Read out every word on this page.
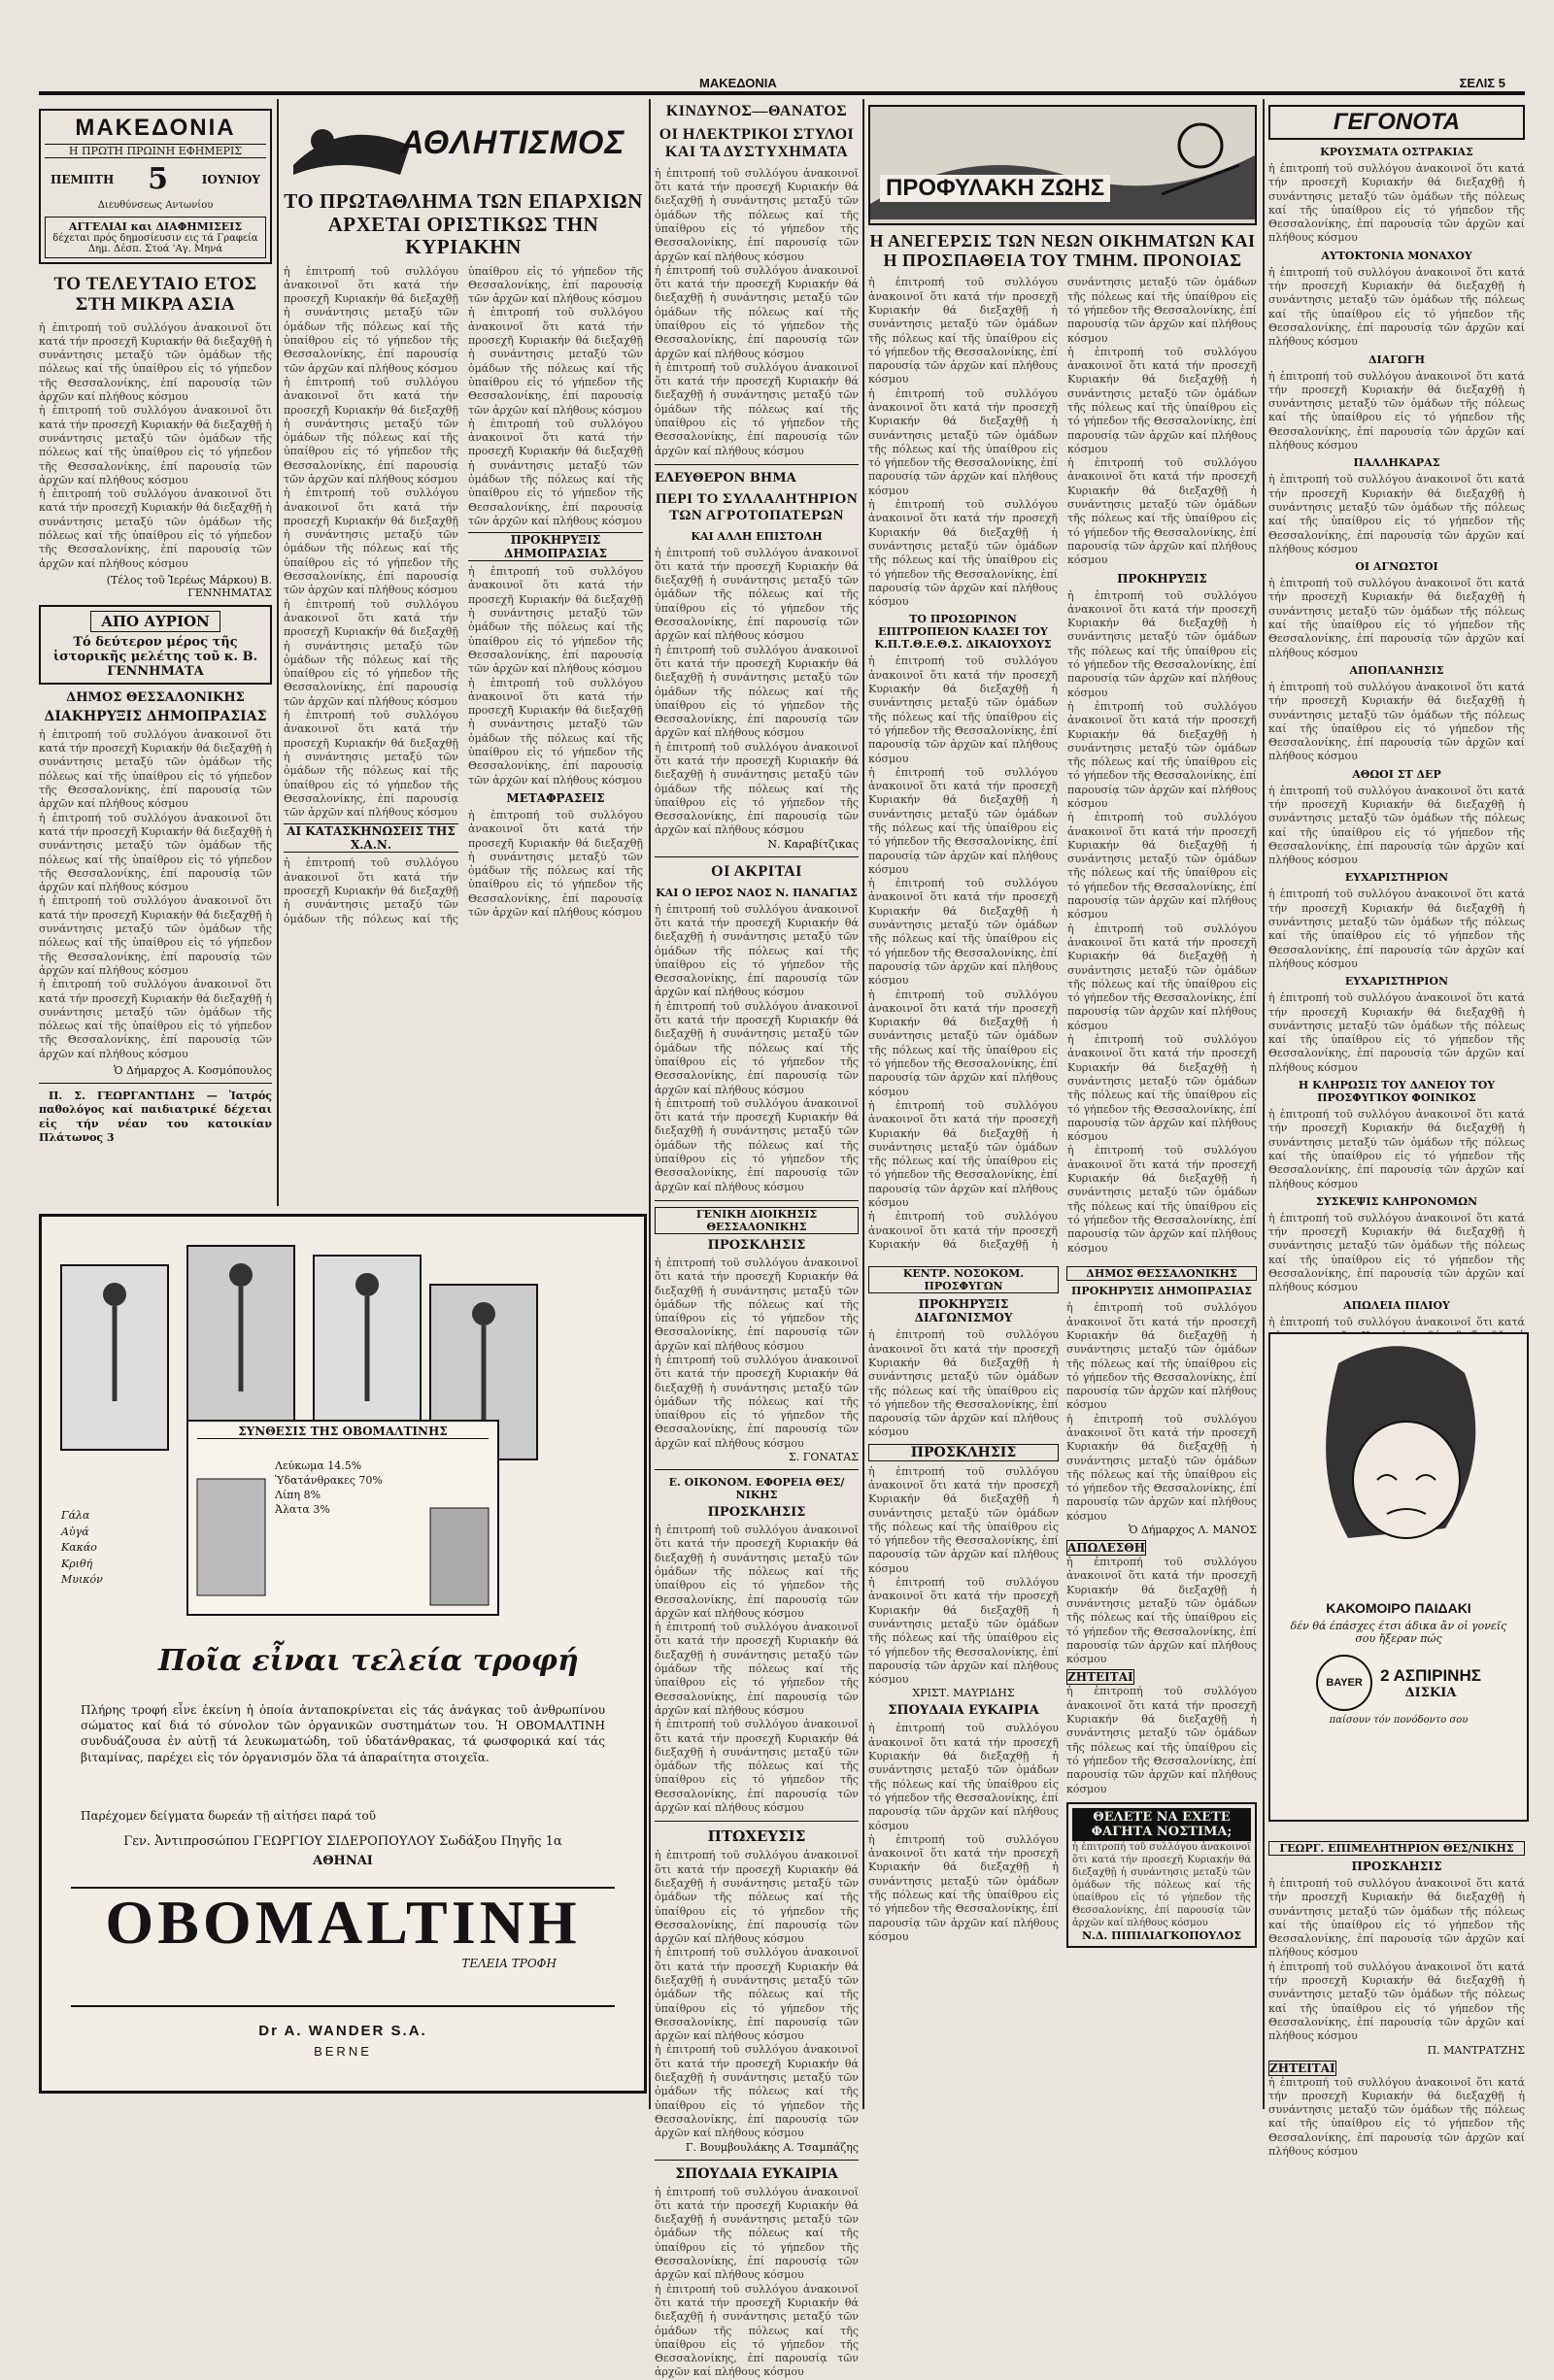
ΜΑΚΕΔΟΝΙΑ	ΣΕΛΙΣ 5
ΜΑΚΕΔΟΝΙΑ
Η ΠΡΩΤΗ ΠΡΩΙΝΗ ΕΦΗΜΕΡΙΣ
ΠΕΜΠΤΗ 5	ΙΟΥΝΙΟΥ
Διευθύνσεως Αντωνίου
ΑΓΓΕΛΙΑΙ και ΔΙΑΦΗΜΙΣΕΙΣ
δέχεται πρός δημοσίευσιν εις τά Γραφεία Δημ. Δέσπ. Στοά 'Αγ. Μηνά
ΤΟ ΤΕΛΕΥΤΑΙΟ ΕΤΟΣ ΣΤΗ ΜΙΚΡΑ ΑΣΙΑ

ἡ ἐπιτροπή τοῦ συλλόγου ἀνακοινοῖ ὅτι κατά τήν προσεχῆ Κυριακήν θά διεξαχθῇ ἡ συνάντησις μεταξύ τῶν ὁμάδων τῆς πόλεως καί τῆς ὑπαίθρου εἰς τό γήπεδον τῆς Θεσσαλονίκης, ἐπί παρουσίᾳ τῶν ἀρχῶν καί πλήθους κόσμου

ἡ ἐπιτροπή τοῦ συλλόγου ἀνακοινοῖ ὅτι κατά τήν προσεχῆ Κυριακήν θά διεξαχθῇ ἡ συνάντησις μεταξύ τῶν ὁμάδων τῆς πόλεως καί τῆς ὑπαίθρου εἰς τό γήπεδον τῆς Θεσσαλονίκης, ἐπί παρουσίᾳ τῶν ἀρχῶν καί πλήθους κόσμου

ἡ ἐπιτροπή τοῦ συλλόγου ἀνακοινοῖ ὅτι κατά τήν προσεχῆ Κυριακήν θά διεξαχθῇ ἡ συνάντησις μεταξύ τῶν ὁμάδων τῆς πόλεως καί τῆς ὑπαίθρου εἰς τό γήπεδον τῆς Θεσσαλονίκης, ἐπί παρουσίᾳ τῶν ἀρχῶν καί πλήθους κόσμου

(Τέλος τοῦ Ἱερέως Μάρκου) Β. ΓΕΝΝΗΜΑΤΑΣ
ΑΠΟ ΑΥΡΙΟΝ
Τό δεύτερον μέρος τῆς ἱστορικῆς μελέτης τοῦ κ. Β. ΓΕΝΝΗΜΑΤΑ
ΔΗΜΟΣ ΘΕΣΣΑΛΟΝΙΚΗΣ
ΔΙΑΚΗΡΥΞΙΣ ΔΗΜΟΠΡΑΣΙΑΣ

ἡ ἐπιτροπή τοῦ συλλόγου ἀνακοινοῖ ὅτι κατά τήν προσεχῆ Κυριακήν θά διεξαχθῇ ἡ συνάντησις μεταξύ τῶν ὁμάδων τῆς πόλεως καί τῆς ὑπαίθρου εἰς τό γήπεδον τῆς Θεσσαλονίκης, ἐπί παρουσίᾳ τῶν ἀρχῶν καί πλήθους κόσμου

ἡ ἐπιτροπή τοῦ συλλόγου ἀνακοινοῖ ὅτι κατά τήν προσεχῆ Κυριακήν θά διεξαχθῇ ἡ συνάντησις μεταξύ τῶν ὁμάδων τῆς πόλεως καί τῆς ὑπαίθρου εἰς τό γήπεδον τῆς Θεσσαλονίκης, ἐπί παρουσίᾳ τῶν ἀρχῶν καί πλήθους κόσμου

ἡ ἐπιτροπή τοῦ συλλόγου ἀνακοινοῖ ὅτι κατά τήν προσεχῆ Κυριακήν θά διεξαχθῇ ἡ συνάντησις μεταξύ τῶν ὁμάδων τῆς πόλεως καί τῆς ὑπαίθρου εἰς τό γήπεδον τῆς Θεσσαλονίκης, ἐπί παρουσίᾳ τῶν ἀρχῶν καί πλήθους κόσμου

ἡ ἐπιτροπή τοῦ συλλόγου ἀνακοινοῖ ὅτι κατά τήν προσεχῆ Κυριακήν θά διεξαχθῇ ἡ συνάντησις μεταξύ τῶν ὁμάδων τῆς πόλεως καί τῆς ὑπαίθρου εἰς τό γήπεδον τῆς Θεσσαλονίκης, ἐπί παρουσίᾳ τῶν ἀρχῶν καί πλήθους κόσμου

Ὁ Δήμαρχος Α. Κοσμόπουλος
Π. Σ. ΓΕΩΡΓΑΝΤΙΔΗΣ — Ἰατρός παθολόγος καί παιδιατρικέ δέχεται εἰς τήν νέαν του κατοικίαν Πλάτωνος 3
ΑΘΛΗΤΙΣΜΟΣ
ΤΟ ΠΡΩΤΑΘΛΗΜΑ ΤΩΝ ΕΠΑΡΧΙΩΝ ΑΡΧΕΤΑΙ ΟΡΙΣΤΙΚΩΣ ΤΗΝ ΚΥΡΙΑΚΗΝ

ἡ ἐπιτροπή τοῦ συλλόγου ἀνακοινοῖ ὅτι κατά τήν προσεχῆ Κυριακήν θά διεξαχθῇ ἡ συνάντησις μεταξύ τῶν ὁμάδων τῆς πόλεως καί τῆς ὑπαίθρου εἰς τό γήπεδον τῆς Θεσσαλονίκης, ἐπί παρουσίᾳ τῶν ἀρχῶν καί πλήθους κόσμου

ἡ ἐπιτροπή τοῦ συλλόγου ἀνακοινοῖ ὅτι κατά τήν προσεχῆ Κυριακήν θά διεξαχθῇ ἡ συνάντησις μεταξύ τῶν ὁμάδων τῆς πόλεως καί τῆς ὑπαίθρου εἰς τό γήπεδον τῆς Θεσσαλονίκης, ἐπί παρουσίᾳ τῶν ἀρχῶν καί πλήθους κόσμου

ἡ ἐπιτροπή τοῦ συλλόγου ἀνακοινοῖ ὅτι κατά τήν προσεχῆ Κυριακήν θά διεξαχθῇ ἡ συνάντησις μεταξύ τῶν ὁμάδων τῆς πόλεως καί τῆς ὑπαίθρου εἰς τό γήπεδον τῆς Θεσσαλονίκης, ἐπί παρουσίᾳ τῶν ἀρχῶν καί πλήθους κόσμου

ἡ ἐπιτροπή τοῦ συλλόγου ἀνακοινοῖ ὅτι κατά τήν προσεχῆ Κυριακήν θά διεξαχθῇ ἡ συνάντησις μεταξύ τῶν ὁμάδων τῆς πόλεως καί τῆς ὑπαίθρου εἰς τό γήπεδον τῆς Θεσσαλονίκης, ἐπί παρουσίᾳ τῶν ἀρχῶν καί πλήθους κόσμου

ἡ ἐπιτροπή τοῦ συλλόγου ἀνακοινοῖ ὅτι κατά τήν προσεχῆ Κυριακήν θά διεξαχθῇ ἡ συνάντησις μεταξύ τῶν ὁμάδων τῆς πόλεως καί τῆς ὑπαίθρου εἰς τό γήπεδον τῆς Θεσσαλονίκης, ἐπί παρουσίᾳ τῶν ἀρχῶν καί πλήθους κόσμου

ΑΙ ΚΑΤΑΣΚΗΝΩΣΕΙΣ ΤΗΣ Χ.Α.Ν.

ἡ ἐπιτροπή τοῦ συλλόγου ἀνακοινοῖ ὅτι κατά τήν προσεχῆ Κυριακήν θά διεξαχθῇ ἡ συνάντησις μεταξύ τῶν ὁμάδων τῆς πόλεως καί τῆς ὑπαίθρου εἰς τό γήπεδον τῆς Θεσσαλονίκης, ἐπί παρουσίᾳ τῶν ἀρχῶν καί πλήθους κόσμου

ἡ ἐπιτροπή τοῦ συλλόγου ἀνακοινοῖ ὅτι κατά τήν προσεχῆ Κυριακήν θά διεξαχθῇ ἡ συνάντησις μεταξύ τῶν ὁμάδων τῆς πόλεως καί τῆς ὑπαίθρου εἰς τό γήπεδον τῆς Θεσσαλονίκης, ἐπί παρουσίᾳ τῶν ἀρχῶν καί πλήθους κόσμου

ἡ ἐπιτροπή τοῦ συλλόγου ἀνακοινοῖ ὅτι κατά τήν προσεχῆ Κυριακήν θά διεξαχθῇ ἡ συνάντησις μεταξύ τῶν ὁμάδων τῆς πόλεως καί τῆς ὑπαίθρου εἰς τό γήπεδον τῆς Θεσσαλονίκης, ἐπί παρουσίᾳ τῶν ἀρχῶν καί πλήθους κόσμου

ΠΡΟΚΗΡΥΞΙΣ ΔΗΜΟΠΡΑΣΙΑΣ

ἡ ἐπιτροπή τοῦ συλλόγου ἀνακοινοῖ ὅτι κατά τήν προσεχῆ Κυριακήν θά διεξαχθῇ ἡ συνάντησις μεταξύ τῶν ὁμάδων τῆς πόλεως καί τῆς ὑπαίθρου εἰς τό γήπεδον τῆς Θεσσαλονίκης, ἐπί παρουσίᾳ τῶν ἀρχῶν καί πλήθους κόσμου

ἡ ἐπιτροπή τοῦ συλλόγου ἀνακοινοῖ ὅτι κατά τήν προσεχῆ Κυριακήν θά διεξαχθῇ ἡ συνάντησις μεταξύ τῶν ὁμάδων τῆς πόλεως καί τῆς ὑπαίθρου εἰς τό γήπεδον τῆς Θεσσαλονίκης, ἐπί παρουσίᾳ τῶν ἀρχῶν καί πλήθους κόσμου

ΜΕΤΑΦΡΑΣΕΙΣ

ἡ ἐπιτροπή τοῦ συλλόγου ἀνακοινοῖ ὅτι κατά τήν προσεχῆ Κυριακήν θά διεξαχθῇ ἡ συνάντησις μεταξύ τῶν ὁμάδων τῆς πόλεως καί τῆς ὑπαίθρου εἰς τό γήπεδον τῆς Θεσσαλονίκης, ἐπί παρουσίᾳ τῶν ἀρχῶν καί πλήθους κόσμου

ΣΥΝΘΕΣΙΣ ΤΗΣ ΟΒΟΜΑΛΤΙΝΗΣ
Λεύκωμα 14.5%
Ὑδατάνθρακες 70%
Λίπη 8%
Ἀλατα 3%
Γάλα
Αὐγά
Κακάο
Κριθή
Μυικόν
Ποῖα εἶναι τελεία τροφή
Πλήρης τροφή εἶνε ἐκείνη ἡ ὁποία ἀνταποκρίνεται εἰς τάς ἀνάγκας τοῦ ἀνθρωπίνου σώματος καί διά τό σύνολον τῶν ὀργανικῶν συστημάτων του. Ἡ ΟΒΟΜΑΛΤΙΝΗ συνδυάζουσα ἐν αὐτῇ τά λευκωματώδη, τοῦ ὑδατάνθρακας, τά φωσφορικά καί τάς βιταμίνας, παρέχει εἰς τόν ὀργανισμόν ὅλα τά ἀπαραίτητα στοιχεῖα.
Παρέχομεν δείγματα δωρεάν τῇ αἰτήσει παρά τοῦ
Γεν. Ἀντιπροσώπου ΓΕΩΡΓΙΟΥ ΣΙΔΕΡΟΠΟΥΛΟΥ Σωδάξου Πηγῆς 1α
ΑΘΗΝΑΙ
OBOMALTINH
ΤΕΛΕΙΑ ΤΡΟΦΗ
Dr A. WANDER S.A.
BERNE
ΚΙΝΔΥΝΟΣ—ΘΑΝΑΤΟΣ
ΟΙ ΗΛΕΚΤΡΙΚΟΙ ΣΤΥΛΟΙ ΚΑΙ ΤΑ ΔΥΣΤΥΧΗΜΑΤΑ

ἡ ἐπιτροπή τοῦ συλλόγου ἀνακοινοῖ ὅτι κατά τήν προσεχῆ Κυριακήν θά διεξαχθῇ ἡ συνάντησις μεταξύ τῶν ὁμάδων τῆς πόλεως καί τῆς ὑπαίθρου εἰς τό γήπεδον τῆς Θεσσαλονίκης, ἐπί παρουσίᾳ τῶν ἀρχῶν καί πλήθους κόσμου

ἡ ἐπιτροπή τοῦ συλλόγου ἀνακοινοῖ ὅτι κατά τήν προσεχῆ Κυριακήν θά διεξαχθῇ ἡ συνάντησις μεταξύ τῶν ὁμάδων τῆς πόλεως καί τῆς ὑπαίθρου εἰς τό γήπεδον τῆς Θεσσαλονίκης, ἐπί παρουσίᾳ τῶν ἀρχῶν καί πλήθους κόσμου

ἡ ἐπιτροπή τοῦ συλλόγου ἀνακοινοῖ ὅτι κατά τήν προσεχῆ Κυριακήν θά διεξαχθῇ ἡ συνάντησις μεταξύ τῶν ὁμάδων τῆς πόλεως καί τῆς ὑπαίθρου εἰς τό γήπεδον τῆς Θεσσαλονίκης, ἐπί παρουσίᾳ τῶν ἀρχῶν καί πλήθους κόσμου

ΕΛΕΥΘΕΡΟΝ ΒΗΜΑ
ΠΕΡΙ ΤΟ ΣΥΛΛΑΛΗΤΗΡΙΟΝ ΤΩΝ ΑΓΡΟΤΟΠΑΤΕΡΩΝ
ΚΑΙ ΑΛΛΗ ΕΠΙΣΤΟΛΗ

ἡ ἐπιτροπή τοῦ συλλόγου ἀνακοινοῖ ὅτι κατά τήν προσεχῆ Κυριακήν θά διεξαχθῇ ἡ συνάντησις μεταξύ τῶν ὁμάδων τῆς πόλεως καί τῆς ὑπαίθρου εἰς τό γήπεδον τῆς Θεσσαλονίκης, ἐπί παρουσίᾳ τῶν ἀρχῶν καί πλήθους κόσμου

ἡ ἐπιτροπή τοῦ συλλόγου ἀνακοινοῖ ὅτι κατά τήν προσεχῆ Κυριακήν θά διεξαχθῇ ἡ συνάντησις μεταξύ τῶν ὁμάδων τῆς πόλεως καί τῆς ὑπαίθρου εἰς τό γήπεδον τῆς Θεσσαλονίκης, ἐπί παρουσίᾳ τῶν ἀρχῶν καί πλήθους κόσμου

ἡ ἐπιτροπή τοῦ συλλόγου ἀνακοινοῖ ὅτι κατά τήν προσεχῆ Κυριακήν θά διεξαχθῇ ἡ συνάντησις μεταξύ τῶν ὁμάδων τῆς πόλεως καί τῆς ὑπαίθρου εἰς τό γήπεδον τῆς Θεσσαλονίκης, ἐπί παρουσίᾳ τῶν ἀρχῶν καί πλήθους κόσμου

Ν. Καραβίτζικας
ΟΙ ΑΚΡΙΤΑΙ
ΚΑΙ Ο ΙΕΡΟΣ ΝΑΟΣ Ν. ΠΑΝΑΓΙΑΣ

ἡ ἐπιτροπή τοῦ συλλόγου ἀνακοινοῖ ὅτι κατά τήν προσεχῆ Κυριακήν θά διεξαχθῇ ἡ συνάντησις μεταξύ τῶν ὁμάδων τῆς πόλεως καί τῆς ὑπαίθρου εἰς τό γήπεδον τῆς Θεσσαλονίκης, ἐπί παρουσίᾳ τῶν ἀρχῶν καί πλήθους κόσμου

ἡ ἐπιτροπή τοῦ συλλόγου ἀνακοινοῖ ὅτι κατά τήν προσεχῆ Κυριακήν θά διεξαχθῇ ἡ συνάντησις μεταξύ τῶν ὁμάδων τῆς πόλεως καί τῆς ὑπαίθρου εἰς τό γήπεδον τῆς Θεσσαλονίκης, ἐπί παρουσίᾳ τῶν ἀρχῶν καί πλήθους κόσμου

ἡ ἐπιτροπή τοῦ συλλόγου ἀνακοινοῖ ὅτι κατά τήν προσεχῆ Κυριακήν θά διεξαχθῇ ἡ συνάντησις μεταξύ τῶν ὁμάδων τῆς πόλεως καί τῆς ὑπαίθρου εἰς τό γήπεδον τῆς Θεσσαλονίκης, ἐπί παρουσίᾳ τῶν ἀρχῶν καί πλήθους κόσμου

ΓΕΝΙΚΗ ΔΙΟΙΚΗΣΙΣ ΘΕΣΣΑΛΟΝΙΚΗΣ
ΠΡΟΣΚΛΗΣΙΣ

ἡ ἐπιτροπή τοῦ συλλόγου ἀνακοινοῖ ὅτι κατά τήν προσεχῆ Κυριακήν θά διεξαχθῇ ἡ συνάντησις μεταξύ τῶν ὁμάδων τῆς πόλεως καί τῆς ὑπαίθρου εἰς τό γήπεδον τῆς Θεσσαλονίκης, ἐπί παρουσίᾳ τῶν ἀρχῶν καί πλήθους κόσμου

ἡ ἐπιτροπή τοῦ συλλόγου ἀνακοινοῖ ὅτι κατά τήν προσεχῆ Κυριακήν θά διεξαχθῇ ἡ συνάντησις μεταξύ τῶν ὁμάδων τῆς πόλεως καί τῆς ὑπαίθρου εἰς τό γήπεδον τῆς Θεσσαλονίκης, ἐπί παρουσίᾳ τῶν ἀρχῶν καί πλήθους κόσμου

Σ. ΓΟΝΑΤΑΣ
Ε. ΟΙΚΟΝΟΜ. ΕΦΟΡΕΙΑ ΘΕΣ/ΝΙΚΗΣ
ΠΡΟΣΚΛΗΣΙΣ

ἡ ἐπιτροπή τοῦ συλλόγου ἀνακοινοῖ ὅτι κατά τήν προσεχῆ Κυριακήν θά διεξαχθῇ ἡ συνάντησις μεταξύ τῶν ὁμάδων τῆς πόλεως καί τῆς ὑπαίθρου εἰς τό γήπεδον τῆς Θεσσαλονίκης, ἐπί παρουσίᾳ τῶν ἀρχῶν καί πλήθους κόσμου

ἡ ἐπιτροπή τοῦ συλλόγου ἀνακοινοῖ ὅτι κατά τήν προσεχῆ Κυριακήν θά διεξαχθῇ ἡ συνάντησις μεταξύ τῶν ὁμάδων τῆς πόλεως καί τῆς ὑπαίθρου εἰς τό γήπεδον τῆς Θεσσαλονίκης, ἐπί παρουσίᾳ τῶν ἀρχῶν καί πλήθους κόσμου

ἡ ἐπιτροπή τοῦ συλλόγου ἀνακοινοῖ ὅτι κατά τήν προσεχῆ Κυριακήν θά διεξαχθῇ ἡ συνάντησις μεταξύ τῶν ὁμάδων τῆς πόλεως καί τῆς ὑπαίθρου εἰς τό γήπεδον τῆς Θεσσαλονίκης, ἐπί παρουσίᾳ τῶν ἀρχῶν καί πλήθους κόσμου

ΠΤΩΧΕΥΣΙΣ

ἡ ἐπιτροπή τοῦ συλλόγου ἀνακοινοῖ ὅτι κατά τήν προσεχῆ Κυριακήν θά διεξαχθῇ ἡ συνάντησις μεταξύ τῶν ὁμάδων τῆς πόλεως καί τῆς ὑπαίθρου εἰς τό γήπεδον τῆς Θεσσαλονίκης, ἐπί παρουσίᾳ τῶν ἀρχῶν καί πλήθους κόσμου

ἡ ἐπιτροπή τοῦ συλλόγου ἀνακοινοῖ ὅτι κατά τήν προσεχῆ Κυριακήν θά διεξαχθῇ ἡ συνάντησις μεταξύ τῶν ὁμάδων τῆς πόλεως καί τῆς ὑπαίθρου εἰς τό γήπεδον τῆς Θεσσαλονίκης, ἐπί παρουσίᾳ τῶν ἀρχῶν καί πλήθους κόσμου

ἡ ἐπιτροπή τοῦ συλλόγου ἀνακοινοῖ ὅτι κατά τήν προσεχῆ Κυριακήν θά διεξαχθῇ ἡ συνάντησις μεταξύ τῶν ὁμάδων τῆς πόλεως καί τῆς ὑπαίθρου εἰς τό γήπεδον τῆς Θεσσαλονίκης, ἐπί παρουσίᾳ τῶν ἀρχῶν καί πλήθους κόσμου

Γ. Βουμβουλάκης Α. Τσαμπάζης
ΣΠΟΥΔΑΙΑ ΕΥΚΑΙΡΙΑ

ἡ ἐπιτροπή τοῦ συλλόγου ἀνακοινοῖ ὅτι κατά τήν προσεχῆ Κυριακήν θά διεξαχθῇ ἡ συνάντησις μεταξύ τῶν ὁμάδων τῆς πόλεως καί τῆς ὑπαίθρου εἰς τό γήπεδον τῆς Θεσσαλονίκης, ἐπί παρουσίᾳ τῶν ἀρχῶν καί πλήθους κόσμου

ἡ ἐπιτροπή τοῦ συλλόγου ἀνακοινοῖ ὅτι κατά τήν προσεχῆ Κυριακήν θά διεξαχθῇ ἡ συνάντησις μεταξύ τῶν ὁμάδων τῆς πόλεως καί τῆς ὑπαίθρου εἰς τό γήπεδον τῆς Θεσσαλονίκης, ἐπί παρουσίᾳ τῶν ἀρχῶν καί πλήθους κόσμου

ΠΡΟΦΥΛΑΚΗ ΖΩΗΣ
Η ΑΝΕΓΕΡΣΙΣ ΤΩΝ ΝΕΩΝ ΟΙΚΗΜΑΤΩΝ ΚΑΙ Η ΠΡΟΣΠΑΘΕΙΑ ΤΟΥ ΤΜΗΜ. ΠΡΟΝΟΙΑΣ

ἡ ἐπιτροπή τοῦ συλλόγου ἀνακοινοῖ ὅτι κατά τήν προσεχῆ Κυριακήν θά διεξαχθῇ ἡ συνάντησις μεταξύ τῶν ὁμάδων τῆς πόλεως καί τῆς ὑπαίθρου εἰς τό γήπεδον τῆς Θεσσαλονίκης, ἐπί παρουσίᾳ τῶν ἀρχῶν καί πλήθους κόσμου

ἡ ἐπιτροπή τοῦ συλλόγου ἀνακοινοῖ ὅτι κατά τήν προσεχῆ Κυριακήν θά διεξαχθῇ ἡ συνάντησις μεταξύ τῶν ὁμάδων τῆς πόλεως καί τῆς ὑπαίθρου εἰς τό γήπεδον τῆς Θεσσαλονίκης, ἐπί παρουσίᾳ τῶν ἀρχῶν καί πλήθους κόσμου

ἡ ἐπιτροπή τοῦ συλλόγου ἀνακοινοῖ ὅτι κατά τήν προσεχῆ Κυριακήν θά διεξαχθῇ ἡ συνάντησις μεταξύ τῶν ὁμάδων τῆς πόλεως καί τῆς ὑπαίθρου εἰς τό γήπεδον τῆς Θεσσαλονίκης, ἐπί παρουσίᾳ τῶν ἀρχῶν καί πλήθους κόσμου

ΤΟ ΠΡΟΣΩΡΙΝΟΝ ΕΠΙΤΡΟΠΕΙΟΝ ΚΛΑΣΕΙ ΤΟΥ Κ.Π.Τ.Θ.Ε.Θ.Σ. ΔΙΚΑΙΟΥΧΟΥΣ

ἡ ἐπιτροπή τοῦ συλλόγου ἀνακοινοῖ ὅτι κατά τήν προσεχῆ Κυριακήν θά διεξαχθῇ ἡ συνάντησις μεταξύ τῶν ὁμάδων τῆς πόλεως καί τῆς ὑπαίθρου εἰς τό γήπεδον τῆς Θεσσαλονίκης, ἐπί παρουσίᾳ τῶν ἀρχῶν καί πλήθους κόσμου

ἡ ἐπιτροπή τοῦ συλλόγου ἀνακοινοῖ ὅτι κατά τήν προσεχῆ Κυριακήν θά διεξαχθῇ ἡ συνάντησις μεταξύ τῶν ὁμάδων τῆς πόλεως καί τῆς ὑπαίθρου εἰς τό γήπεδον τῆς Θεσσαλονίκης, ἐπί παρουσίᾳ τῶν ἀρχῶν καί πλήθους κόσμου

ἡ ἐπιτροπή τοῦ συλλόγου ἀνακοινοῖ ὅτι κατά τήν προσεχῆ Κυριακήν θά διεξαχθῇ ἡ συνάντησις μεταξύ τῶν ὁμάδων τῆς πόλεως καί τῆς ὑπαίθρου εἰς τό γήπεδον τῆς Θεσσαλονίκης, ἐπί παρουσίᾳ τῶν ἀρχῶν καί πλήθους κόσμου

ἡ ἐπιτροπή τοῦ συλλόγου ἀνακοινοῖ ὅτι κατά τήν προσεχῆ Κυριακήν θά διεξαχθῇ ἡ συνάντησις μεταξύ τῶν ὁμάδων τῆς πόλεως καί τῆς ὑπαίθρου εἰς τό γήπεδον τῆς Θεσσαλονίκης, ἐπί παρουσίᾳ τῶν ἀρχῶν καί πλήθους κόσμου

ἡ ἐπιτροπή τοῦ συλλόγου ἀνακοινοῖ ὅτι κατά τήν προσεχῆ Κυριακήν θά διεξαχθῇ ἡ συνάντησις μεταξύ τῶν ὁμάδων τῆς πόλεως καί τῆς ὑπαίθρου εἰς τό γήπεδον τῆς Θεσσαλονίκης, ἐπί παρουσίᾳ τῶν ἀρχῶν καί πλήθους κόσμου

ἡ ἐπιτροπή τοῦ συλλόγου ἀνακοινοῖ ὅτι κατά τήν προσεχῆ Κυριακήν θά διεξαχθῇ ἡ συνάντησις μεταξύ τῶν ὁμάδων τῆς πόλεως καί τῆς ὑπαίθρου εἰς τό γήπεδον τῆς Θεσσαλονίκης, ἐπί παρουσίᾳ τῶν ἀρχῶν καί πλήθους κόσμου

ἡ ἐπιτροπή τοῦ συλλόγου ἀνακοινοῖ ὅτι κατά τήν προσεχῆ Κυριακήν θά διεξαχθῇ ἡ συνάντησις μεταξύ τῶν ὁμάδων τῆς πόλεως καί τῆς ὑπαίθρου εἰς τό γήπεδον τῆς Θεσσαλονίκης, ἐπί παρουσίᾳ τῶν ἀρχῶν καί πλήθους κόσμου

ἡ ἐπιτροπή τοῦ συλλόγου ἀνακοινοῖ ὅτι κατά τήν προσεχῆ Κυριακήν θά διεξαχθῇ ἡ συνάντησις μεταξύ τῶν ὁμάδων τῆς πόλεως καί τῆς ὑπαίθρου εἰς τό γήπεδον τῆς Θεσσαλονίκης, ἐπί παρουσίᾳ τῶν ἀρχῶν καί πλήθους κόσμου

ΠΡΟΚΗΡΥΞΙΣ

ἡ ἐπιτροπή τοῦ συλλόγου ἀνακοινοῖ ὅτι κατά τήν προσεχῆ Κυριακήν θά διεξαχθῇ ἡ συνάντησις μεταξύ τῶν ὁμάδων τῆς πόλεως καί τῆς ὑπαίθρου εἰς τό γήπεδον τῆς Θεσσαλονίκης, ἐπί παρουσίᾳ τῶν ἀρχῶν καί πλήθους κόσμου

ἡ ἐπιτροπή τοῦ συλλόγου ἀνακοινοῖ ὅτι κατά τήν προσεχῆ Κυριακήν θά διεξαχθῇ ἡ συνάντησις μεταξύ τῶν ὁμάδων τῆς πόλεως καί τῆς ὑπαίθρου εἰς τό γήπεδον τῆς Θεσσαλονίκης, ἐπί παρουσίᾳ τῶν ἀρχῶν καί πλήθους κόσμου

ἡ ἐπιτροπή τοῦ συλλόγου ἀνακοινοῖ ὅτι κατά τήν προσεχῆ Κυριακήν θά διεξαχθῇ ἡ συνάντησις μεταξύ τῶν ὁμάδων τῆς πόλεως καί τῆς ὑπαίθρου εἰς τό γήπεδον τῆς Θεσσαλονίκης, ἐπί παρουσίᾳ τῶν ἀρχῶν καί πλήθους κόσμου

ἡ ἐπιτροπή τοῦ συλλόγου ἀνακοινοῖ ὅτι κατά τήν προσεχῆ Κυριακήν θά διεξαχθῇ ἡ συνάντησις μεταξύ τῶν ὁμάδων τῆς πόλεως καί τῆς ὑπαίθρου εἰς τό γήπεδον τῆς Θεσσαλονίκης, ἐπί παρουσίᾳ τῶν ἀρχῶν καί πλήθους κόσμου

ἡ ἐπιτροπή τοῦ συλλόγου ἀνακοινοῖ ὅτι κατά τήν προσεχῆ Κυριακήν θά διεξαχθῇ ἡ συνάντησις μεταξύ τῶν ὁμάδων τῆς πόλεως καί τῆς ὑπαίθρου εἰς τό γήπεδον τῆς Θεσσαλονίκης, ἐπί παρουσίᾳ τῶν ἀρχῶν καί πλήθους κόσμου

ἡ ἐπιτροπή τοῦ συλλόγου ἀνακοινοῖ ὅτι κατά τήν προσεχῆ Κυριακήν θά διεξαχθῇ ἡ συνάντησις μεταξύ τῶν ὁμάδων τῆς πόλεως καί τῆς ὑπαίθρου εἰς τό γήπεδον τῆς Θεσσαλονίκης, ἐπί παρουσίᾳ τῶν ἀρχῶν καί πλήθους κόσμου

ΚΕΝΤΡ. ΝΟΣΟΚΟΜ. ΠΡΟΣΦΥΓΩΝ
ΠΡΟΚΗΡΥΞΙΣ ΔΙΑΓΩΝΙΣΜΟΥ

ἡ ἐπιτροπή τοῦ συλλόγου ἀνακοινοῖ ὅτι κατά τήν προσεχῆ Κυριακήν θά διεξαχθῇ ἡ συνάντησις μεταξύ τῶν ὁμάδων τῆς πόλεως καί τῆς ὑπαίθρου εἰς τό γήπεδον τῆς Θεσσαλονίκης, ἐπί παρουσίᾳ τῶν ἀρχῶν καί πλήθους κόσμου

ΠΡΟΣΚΛΗΣΙΣ

ἡ ἐπιτροπή τοῦ συλλόγου ἀνακοινοῖ ὅτι κατά τήν προσεχῆ Κυριακήν θά διεξαχθῇ ἡ συνάντησις μεταξύ τῶν ὁμάδων τῆς πόλεως καί τῆς ὑπαίθρου εἰς τό γήπεδον τῆς Θεσσαλονίκης, ἐπί παρουσίᾳ τῶν ἀρχῶν καί πλήθους κόσμου

ἡ ἐπιτροπή τοῦ συλλόγου ἀνακοινοῖ ὅτι κατά τήν προσεχῆ Κυριακήν θά διεξαχθῇ ἡ συνάντησις μεταξύ τῶν ὁμάδων τῆς πόλεως καί τῆς ὑπαίθρου εἰς τό γήπεδον τῆς Θεσσαλονίκης, ἐπί παρουσίᾳ τῶν ἀρχῶν καί πλήθους κόσμου

ΧΡΙΣΤ. ΜΑΥΡΙΔΗΣ
ΣΠΟΥΔΑΙΑ ΕΥΚΑΙΡΙΑ

ἡ ἐπιτροπή τοῦ συλλόγου ἀνακοινοῖ ὅτι κατά τήν προσεχῆ Κυριακήν θά διεξαχθῇ ἡ συνάντησις μεταξύ τῶν ὁμάδων τῆς πόλεως καί τῆς ὑπαίθρου εἰς τό γήπεδον τῆς Θεσσαλονίκης, ἐπί παρουσίᾳ τῶν ἀρχῶν καί πλήθους κόσμου

ἡ ἐπιτροπή τοῦ συλλόγου ἀνακοινοῖ ὅτι κατά τήν προσεχῆ Κυριακήν θά διεξαχθῇ ἡ συνάντησις μεταξύ τῶν ὁμάδων τῆς πόλεως καί τῆς ὑπαίθρου εἰς τό γήπεδον τῆς Θεσσαλονίκης, ἐπί παρουσίᾳ τῶν ἀρχῶν καί πλήθους κόσμου

ΔΗΜΟΣ ΘΕΣΣΑΛΟΝΙΚΗΣ
ΠΡΟΚΗΡΥΞΙΣ ΔΗΜΟΠΡΑΣΙΑΣ

ἡ ἐπιτροπή τοῦ συλλόγου ἀνακοινοῖ ὅτι κατά τήν προσεχῆ Κυριακήν θά διεξαχθῇ ἡ συνάντησις μεταξύ τῶν ὁμάδων τῆς πόλεως καί τῆς ὑπαίθρου εἰς τό γήπεδον τῆς Θεσσαλονίκης, ἐπί παρουσίᾳ τῶν ἀρχῶν καί πλήθους κόσμου

ἡ ἐπιτροπή τοῦ συλλόγου ἀνακοινοῖ ὅτι κατά τήν προσεχῆ Κυριακήν θά διεξαχθῇ ἡ συνάντησις μεταξύ τῶν ὁμάδων τῆς πόλεως καί τῆς ὑπαίθρου εἰς τό γήπεδον τῆς Θεσσαλονίκης, ἐπί παρουσίᾳ τῶν ἀρχῶν καί πλήθους κόσμου

Ὁ Δήμαρχος Λ. ΜΑΝΟΣ
ΑΠΩΛΕΣΘΗ

ἡ ἐπιτροπή τοῦ συλλόγου ἀνακοινοῖ ὅτι κατά τήν προσεχῆ Κυριακήν θά διεξαχθῇ ἡ συνάντησις μεταξύ τῶν ὁμάδων τῆς πόλεως καί τῆς ὑπαίθρου εἰς τό γήπεδον τῆς Θεσσαλονίκης, ἐπί παρουσίᾳ τῶν ἀρχῶν καί πλήθους κόσμου

ΖΗΤΕΙΤΑΙ

ἡ ἐπιτροπή τοῦ συλλόγου ἀνακοινοῖ ὅτι κατά τήν προσεχῆ Κυριακήν θά διεξαχθῇ ἡ συνάντησις μεταξύ τῶν ὁμάδων τῆς πόλεως καί τῆς ὑπαίθρου εἰς τό γήπεδον τῆς Θεσσαλονίκης, ἐπί παρουσίᾳ τῶν ἀρχῶν καί πλήθους κόσμου

ΘΕΛΕΤΕ ΝΑ ΕΧΕΤΕ ΦΑΓΗΤΑ ΝΟΣΤΙΜΑ;

ἡ ἐπιτροπή τοῦ συλλόγου ἀνακοινοῖ ὅτι κατά τήν προσεχῆ Κυριακήν θά διεξαχθῇ ἡ συνάντησις μεταξύ τῶν ὁμάδων τῆς πόλεως καί τῆς ὑπαίθρου εἰς τό γήπεδον τῆς Θεσσαλονίκης, ἐπί παρουσίᾳ τῶν ἀρχῶν καί πλήθους κόσμου

Ν.Δ. ΠΙΠΙΛΙΑΓΚΟΠΟΥΛΟΣ
ΓΕΓΟΝΟΤΑ
ΚΡΟΥΣΜΑΤΑ ΟΣΤΡΑΚΙΑΣ

ἡ ἐπιτροπή τοῦ συλλόγου ἀνακοινοῖ ὅτι κατά τήν προσεχῆ Κυριακήν θά διεξαχθῇ ἡ συνάντησις μεταξύ τῶν ὁμάδων τῆς πόλεως καί τῆς ὑπαίθρου εἰς τό γήπεδον τῆς Θεσσαλονίκης, ἐπί παρουσίᾳ τῶν ἀρχῶν καί πλήθους κόσμου

ΑΥΤΟΚΤΟΝΙΑ ΜΟΝΑΧΟΥ

ἡ ἐπιτροπή τοῦ συλλόγου ἀνακοινοῖ ὅτι κατά τήν προσεχῆ Κυριακήν θά διεξαχθῇ ἡ συνάντησις μεταξύ τῶν ὁμάδων τῆς πόλεως καί τῆς ὑπαίθρου εἰς τό γήπεδον τῆς Θεσσαλονίκης, ἐπί παρουσίᾳ τῶν ἀρχῶν καί πλήθους κόσμου

ΔΙΑΓΩΓΗ

ἡ ἐπιτροπή τοῦ συλλόγου ἀνακοινοῖ ὅτι κατά τήν προσεχῆ Κυριακήν θά διεξαχθῇ ἡ συνάντησις μεταξύ τῶν ὁμάδων τῆς πόλεως καί τῆς ὑπαίθρου εἰς τό γήπεδον τῆς Θεσσαλονίκης, ἐπί παρουσίᾳ τῶν ἀρχῶν καί πλήθους κόσμου

ΠΑΛΛΗΚΑΡΑΣ

ἡ ἐπιτροπή τοῦ συλλόγου ἀνακοινοῖ ὅτι κατά τήν προσεχῆ Κυριακήν θά διεξαχθῇ ἡ συνάντησις μεταξύ τῶν ὁμάδων τῆς πόλεως καί τῆς ὑπαίθρου εἰς τό γήπεδον τῆς Θεσσαλονίκης, ἐπί παρουσίᾳ τῶν ἀρχῶν καί πλήθους κόσμου

ΟΙ ΑΓΝΩΣΤΟΙ

ἡ ἐπιτροπή τοῦ συλλόγου ἀνακοινοῖ ὅτι κατά τήν προσεχῆ Κυριακήν θά διεξαχθῇ ἡ συνάντησις μεταξύ τῶν ὁμάδων τῆς πόλεως καί τῆς ὑπαίθρου εἰς τό γήπεδον τῆς Θεσσαλονίκης, ἐπί παρουσίᾳ τῶν ἀρχῶν καί πλήθους κόσμου

ΑΠΟΠΛΑΝΗΣΙΣ

ἡ ἐπιτροπή τοῦ συλλόγου ἀνακοινοῖ ὅτι κατά τήν προσεχῆ Κυριακήν θά διεξαχθῇ ἡ συνάντησις μεταξύ τῶν ὁμάδων τῆς πόλεως καί τῆς ὑπαίθρου εἰς τό γήπεδον τῆς Θεσσαλονίκης, ἐπί παρουσίᾳ τῶν ἀρχῶν καί πλήθους κόσμου

ΑΘΩΟΙ ΣΤ ΔΕΡ

ἡ ἐπιτροπή τοῦ συλλόγου ἀνακοινοῖ ὅτι κατά τήν προσεχῆ Κυριακήν θά διεξαχθῇ ἡ συνάντησις μεταξύ τῶν ὁμάδων τῆς πόλεως καί τῆς ὑπαίθρου εἰς τό γήπεδον τῆς Θεσσαλονίκης, ἐπί παρουσίᾳ τῶν ἀρχῶν καί πλήθους κόσμου

ΕΥΧΑΡΙΣΤΗΡΙΟΝ

ἡ ἐπιτροπή τοῦ συλλόγου ἀνακοινοῖ ὅτι κατά τήν προσεχῆ Κυριακήν θά διεξαχθῇ ἡ συνάντησις μεταξύ τῶν ὁμάδων τῆς πόλεως καί τῆς ὑπαίθρου εἰς τό γήπεδον τῆς Θεσσαλονίκης, ἐπί παρουσίᾳ τῶν ἀρχῶν καί πλήθους κόσμου

ΕΥΧΑΡΙΣΤΗΡΙΟΝ

ἡ ἐπιτροπή τοῦ συλλόγου ἀνακοινοῖ ὅτι κατά τήν προσεχῆ Κυριακήν θά διεξαχθῇ ἡ συνάντησις μεταξύ τῶν ὁμάδων τῆς πόλεως καί τῆς ὑπαίθρου εἰς τό γήπεδον τῆς Θεσσαλονίκης, ἐπί παρουσίᾳ τῶν ἀρχῶν καί πλήθους κόσμου

Η ΚΛΗΡΩΣΙΣ ΤΟΥ ΔΑΝΕΙΟΥ ΤΟΥ ΠΡΟΣΦΥΓΙΚΟΥ ΦΟΙΝΙΚΟΣ

ἡ ἐπιτροπή τοῦ συλλόγου ἀνακοινοῖ ὅτι κατά τήν προσεχῆ Κυριακήν θά διεξαχθῇ ἡ συνάντησις μεταξύ τῶν ὁμάδων τῆς πόλεως καί τῆς ὑπαίθρου εἰς τό γήπεδον τῆς Θεσσαλονίκης, ἐπί παρουσίᾳ τῶν ἀρχῶν καί πλήθους κόσμου

ΣΥΣΚΕΨΙΣ ΚΛΗΡΟΝΟΜΩΝ

ἡ ἐπιτροπή τοῦ συλλόγου ἀνακοινοῖ ὅτι κατά τήν προσεχῆ Κυριακήν θά διεξαχθῇ ἡ συνάντησις μεταξύ τῶν ὁμάδων τῆς πόλεως καί τῆς ὑπαίθρου εἰς τό γήπεδον τῆς Θεσσαλονίκης, ἐπί παρουσίᾳ τῶν ἀρχῶν καί πλήθους κόσμου

ΑΠΩΛΕΙΑ ΠΙΛΙΟΥ

ἡ ἐπιτροπή τοῦ συλλόγου ἀνακοινοῖ ὅτι κατά

ΚΑΚΟΜΟΙΡΟ ΠΑΙΔΑΚΙ
δέν θά έπάσχες έτσι άδικα ἄν οἱ γονεῖς σου ἤξεραν πώς
BAYER	2 ΑΣΠΙΡΙΝΗΣ
ΔΙΣΚΙΑ
παίσουν τόν πονόδοντο σου
ΓΕΩΡΓ. ΕΠΙΜΕΛΗΤΗΡΙΟΝ ΘΕΣ/ΝΙΚΗΣ
ΠΡΟΣΚΛΗΣΙΣ

ἡ ἐπιτροπή τοῦ συλλόγου ἀνακοινοῖ ὅτι κατά τήν προσεχῆ Κυριακήν θά διεξαχθῇ ἡ συνάντησις μεταξύ τῶν ὁμάδων τῆς πόλεως καί τῆς ὑπαίθρου εἰς τό γήπεδον τῆς Θεσσαλονίκης, ἐπί παρουσίᾳ τῶν ἀρχῶν καί πλήθους κόσμου

ἡ ἐπιτροπή τοῦ συλλόγου ἀνακοινοῖ ὅτι κατά τήν προσεχῆ Κυριακήν θά διεξαχθῇ ἡ συνάντησις μεταξύ τῶν ὁμάδων τῆς πόλεως καί τῆς ὑπαίθρου εἰς τό γήπεδον τῆς Θεσσαλονίκης, ἐπί παρουσίᾳ τῶν ἀρχῶν καί πλήθους κόσμου

Π. ΜΑΝΤΡΑΤΖΗΣ
ΖΗΤΕΙΤΑΙ

ἡ ἐπιτροπή τοῦ συλλόγου ἀνακοινοῖ ὅτι κατά τήν προσεχῆ Κυριακήν θά διεξαχθῇ ἡ συνάντησις μεταξύ τῶν ὁμάδων τῆς πόλεως καί τῆς ὑπαίθρου εἰς τό γήπεδον τῆς Θεσσαλονίκης, ἐπί παρουσίᾳ τῶν ἀρχῶν καί πλήθους κόσμου
